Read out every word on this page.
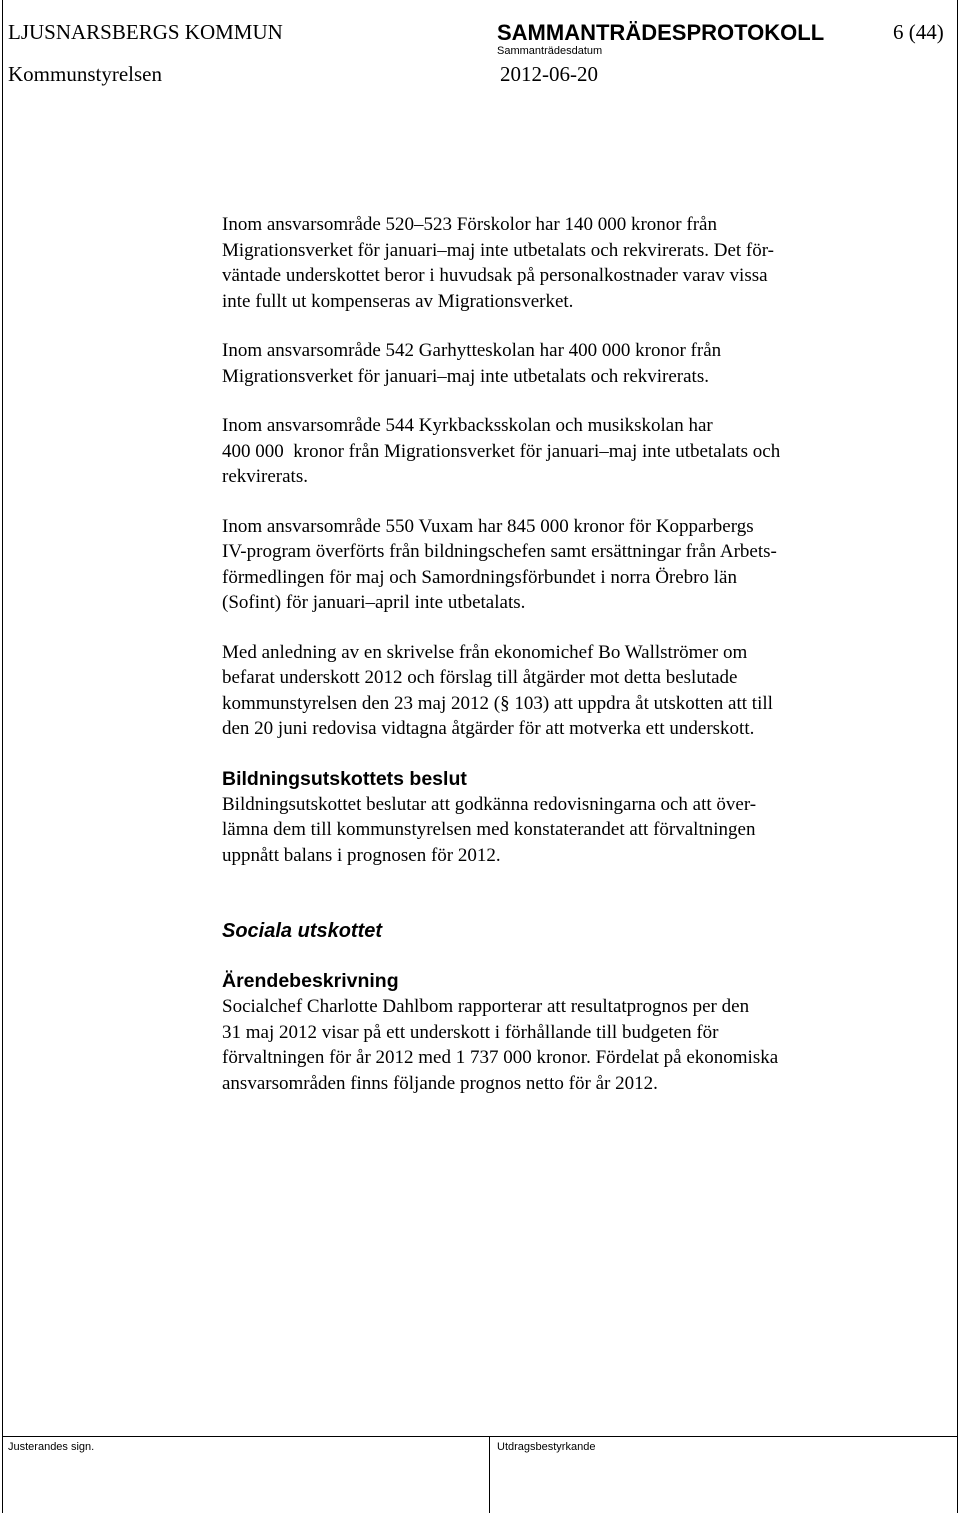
LJUSNARSBERGS KOMMUN	SAMMANTRÄDESPROTOKOLL	6 (44)
Sammanträdesdatum
Kommunstyrelsen	2012-06-20

Inom ansvarsområde 520–523 Förskolor har 140 000 kronor från
Migrationsverket för januari–maj inte utbetalats och rekvirerats. Det för-
väntade underskottet beror i huvudsak på personalkostnader varav vissa
inte fullt ut kompenseras av Migrationsverket.

Inom ansvarsområde 542 Garhytteskolan har 400 000 kronor från
Migrationsverket för januari–maj inte utbetalats och rekvirerats.

Inom ansvarsområde 544 Kyrkbacksskolan och musikskolan har
400 000  kronor från Migrationsverket för januari–maj inte utbetalats och
rekvirerats.

Inom ansvarsområde 550 Vuxam har 845 000 kronor för Kopparbergs
IV-program överförts från bildningschefen samt ersättningar från Arbets-
förmedlingen för maj och Samordningsförbundet i norra Örebro län
(Sofint) för januari–april inte utbetalats.

Med anledning av en skrivelse från ekonomichef Bo Wallströmer om
befarat underskott 2012 och förslag till åtgärder mot detta beslutade
kommunstyrelsen den 23 maj 2012 (§ 103) att uppdra åt utskotten att till
den 20 juni redovisa vidtagna åtgärder för att motverka ett underskott.

Bildningsutskottets beslut

Bildningsutskottet beslutar att godkänna redovisningarna och att över-
lämna dem till kommunstyrelsen med konstaterandet att förvaltningen
uppnått balans i prognosen för 2012.

Sociala utskottet
Ärendebeskrivning

Socialchef Charlotte Dahlbom rapporterar att resultatprognos per den
31 maj 2012 visar på ett underskott i förhållande till budgeten för
förvaltningen för år 2012 med 1 737 000 kronor. Fördelat på ekonomiska
ansvarsområden finns följande prognos netto för år 2012.

Justerandes sign.	Utdragsbestyrkande
